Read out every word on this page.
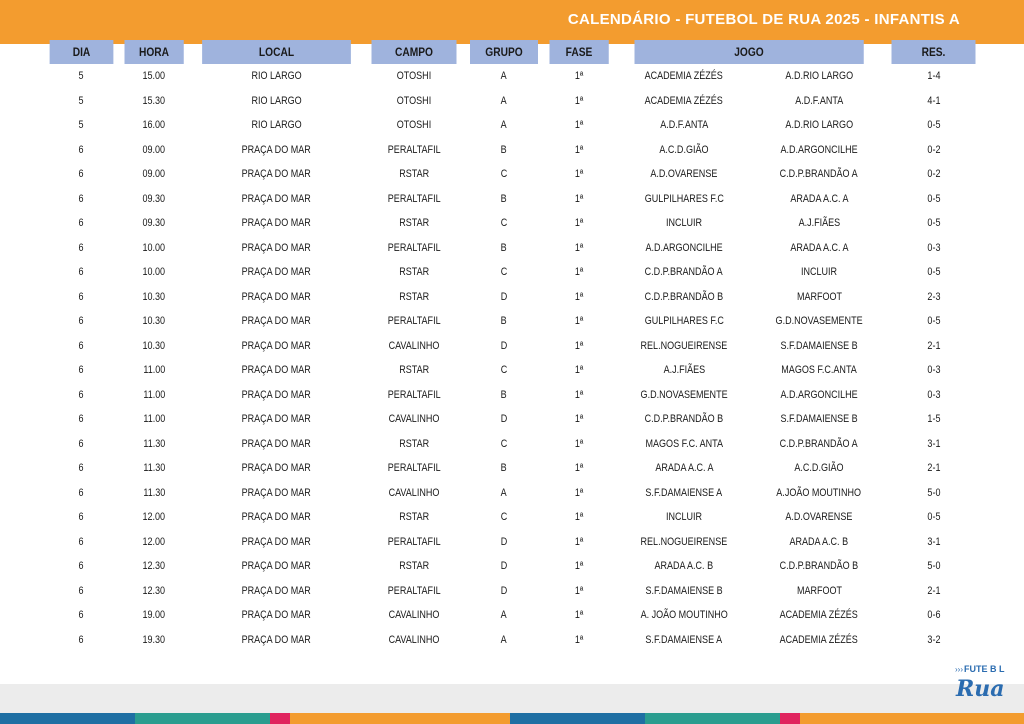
CALENDÁRIO - FUTEBOL DE RUA 2025 - INFANTIS A
DIA	HORA	LOCAL	CAMPO	GRUPO	FASE	JOGO		RES.
5	15.00	RIO LARGO	OTOSHI	A	1ª	ACADEMIA ZÉZÉS	A.D.RIO LARGO	1-4
5	15.30	RIO LARGO	OTOSHI	A	1ª	ACADEMIA ZÉZÉS	A.D.F.ANTA	4-1
5	16.00	RIO LARGO	OTOSHI	A	1ª	A.D.F.ANTA	A.D.RIO LARGO	0-5
6	09.00	PRAÇA DO MAR	PERALTAFIL	B	1ª	A.C.D.GIÃO	A.D.ARGONCILHE	0-2
6	09.00	PRAÇA DO MAR	RSTAR	C	1ª	A.D.OVARENSE	C.D.P.BRANDÃO A	0-2
6	09.30	PRAÇA DO MAR	PERALTAFIL	B	1ª	GULPILHARES F.C	ARADA A.C. A	0-5
6	09.30	PRAÇA DO MAR	RSTAR	C	1ª	INCLUIR	A.J.FIÃES	0-5
6	10.00	PRAÇA DO MAR	PERALTAFIL	B	1ª	A.D.ARGONCILHE	ARADA A.C. A	0-3
6	10.00	PRAÇA DO MAR	RSTAR	C	1ª	C.D.P.BRANDÃO A	INCLUIR	0-5
6	10.30	PRAÇA DO MAR	RSTAR	D	1ª	C.D.P.BRANDÃO B	MARFOOT	2-3
6	10.30	PRAÇA DO MAR	PERALTAFIL	B	1ª	GULPILHARES F.C	G.D.NOVASEMENTE	0-5
6	10.30	PRAÇA DO MAR	CAVALINHO	D	1ª	REL.NOGUEIRENSE	S.F.DAMAIENSE B	2-1
6	11.00	PRAÇA DO MAR	RSTAR	C	1ª	A.J.FIÃES	MAGOS F.C.ANTA	0-3
6	11.00	PRAÇA DO MAR	PERALTAFIL	B	1ª	G.D.NOVASEMENTE	A.D.ARGONCILHE	0-3
6	11.00	PRAÇA DO MAR	CAVALINHO	D	1ª	C.D.P.BRANDÃO B	S.F.DAMAIENSE B	1-5
6	11.30	PRAÇA DO MAR	RSTAR	C	1ª	MAGOS F.C. ANTA	C.D.P.BRANDÃO A	3-1
6	11.30	PRAÇA DO MAR	PERALTAFIL	B	1ª	ARADA A.C. A	A.C.D.GIÃO	2-1
6	11.30	PRAÇA DO MAR	CAVALINHO	A	1ª	S.F.DAMAIENSE A	A.JOÃO MOUTINHO	5-0
6	12.00	PRAÇA DO MAR	RSTAR	C	1ª	INCLUIR	A.D.OVARENSE	0-5
6	12.00	PRAÇA DO MAR	PERALTAFIL	D	1ª	REL.NOGUEIRENSE	ARADA A.C. B	3-1
6	12.30	PRAÇA DO MAR	RSTAR	D	1ª	ARADA A.C. B	C.D.P.BRANDÃO B	5-0
6	12.30	PRAÇA DO MAR	PERALTAFIL	D	1ª	S.F.DAMAIENSE B	MARFOOT	2-1
6	19.00	PRAÇA DO MAR	CAVALINHO	A	1ª	A. JOÃO MOUTINHO	ACADEMIA ZÉZÉS	0-6
6	19.30	PRAÇA DO MAR	CAVALINHO	A	1ª	S.F.DAMAIENSE A	ACADEMIA ZÉZÉS	3-2
››› FUTE B L
Rua
